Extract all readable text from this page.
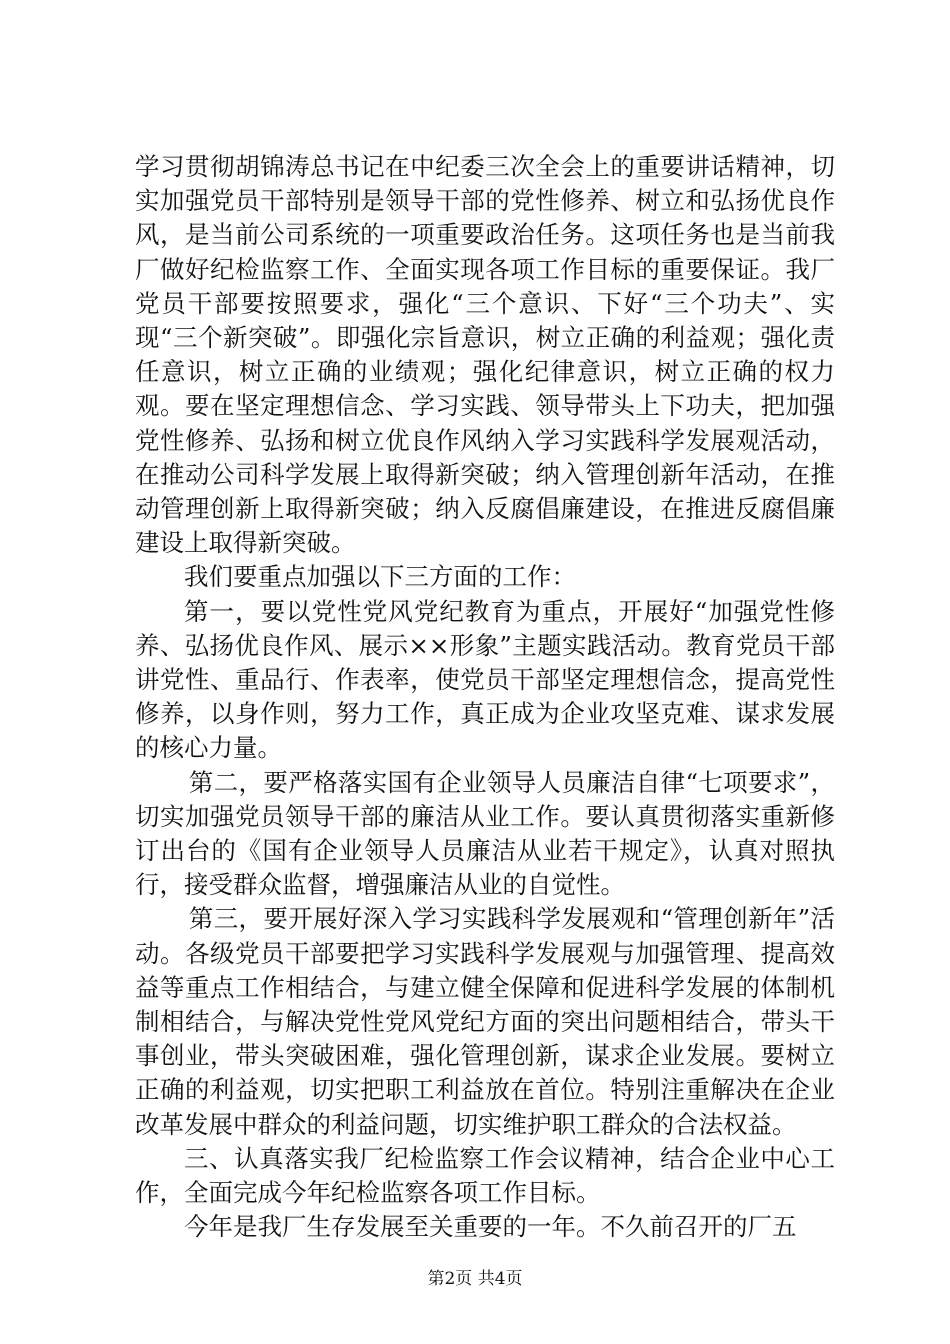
学习贯彻胡锦涛总书记在中纪委三次全会上的重要讲话精神，切实加强党员干部特别是领导干部的党性修养、树立和弘扬优良作风，是当前公司系统的一项重要政治任务。这项任务也是当前我厂做好纪检监察工作、全面实现各项工作目标的重要保证。我厂党员干部要按照要求，强化“三个意识、下好“三个功夫”、实现“三个新突破”。即强化宗旨意识，树立正确的利益观；强化责任意识，树立正确的业绩观；强化纪律意识，树立正确的权力观。要在坚定理想信念、学习实践、领导带头上下功夫，把加强党性修养、弘扬和树立优良作风纳入学习实践科学发展观活动，在推动公司科学发展上取得新突破；纳入管理创新年活动，在推动管理创新上取得新突破；纳入反腐倡廉建设，在推进反腐倡廉建设上取得新突破。

我们要重点加强以下三方面的工作：

第一，要以党性党风党纪教育为重点，开展好“加强党性修养、弘扬优良作风、展示××形象”主题实践活动。教育党员干部讲党性、重品行、作表率，使党员干部坚定理想信念，提高党性修养，以身作则，努力工作，真正成为企业攻坚克难、谋求发展的核心力量。

第二，要严格落实国有企业领导人员廉洁自律“七项要求”，切实加强党员领导干部的廉洁从业工作。要认真贯彻落实重新修订出台的《国有企业领导人员廉洁从业若干规定》，认真对照执行，接受群众监督，增强廉洁从业的自觉性。

第三，要开展好深入学习实践科学发展观和“管理创新年”活动。各级党员干部要把学习实践科学发展观与加强管理、提高效益等重点工作相结合，与建立健全保障和促进科学发展的体制机制相结合，与解决党性党风党纪方面的突出问题相结合，带头干事创业，带头突破困难，强化管理创新，谋求企业发展。要树立正确的利益观，切实把职工利益放在首位。特别注重解决在企业改革发展中群众的利益问题，切实维护职工群众的合法权益。

三、认真落实我厂纪检监察工作会议精神，结合企业中心工作，全面完成今年纪检监察各项工作目标。

今年是我厂生存发展至关重要的一年。不久前召开的厂五

第2页 共4页
